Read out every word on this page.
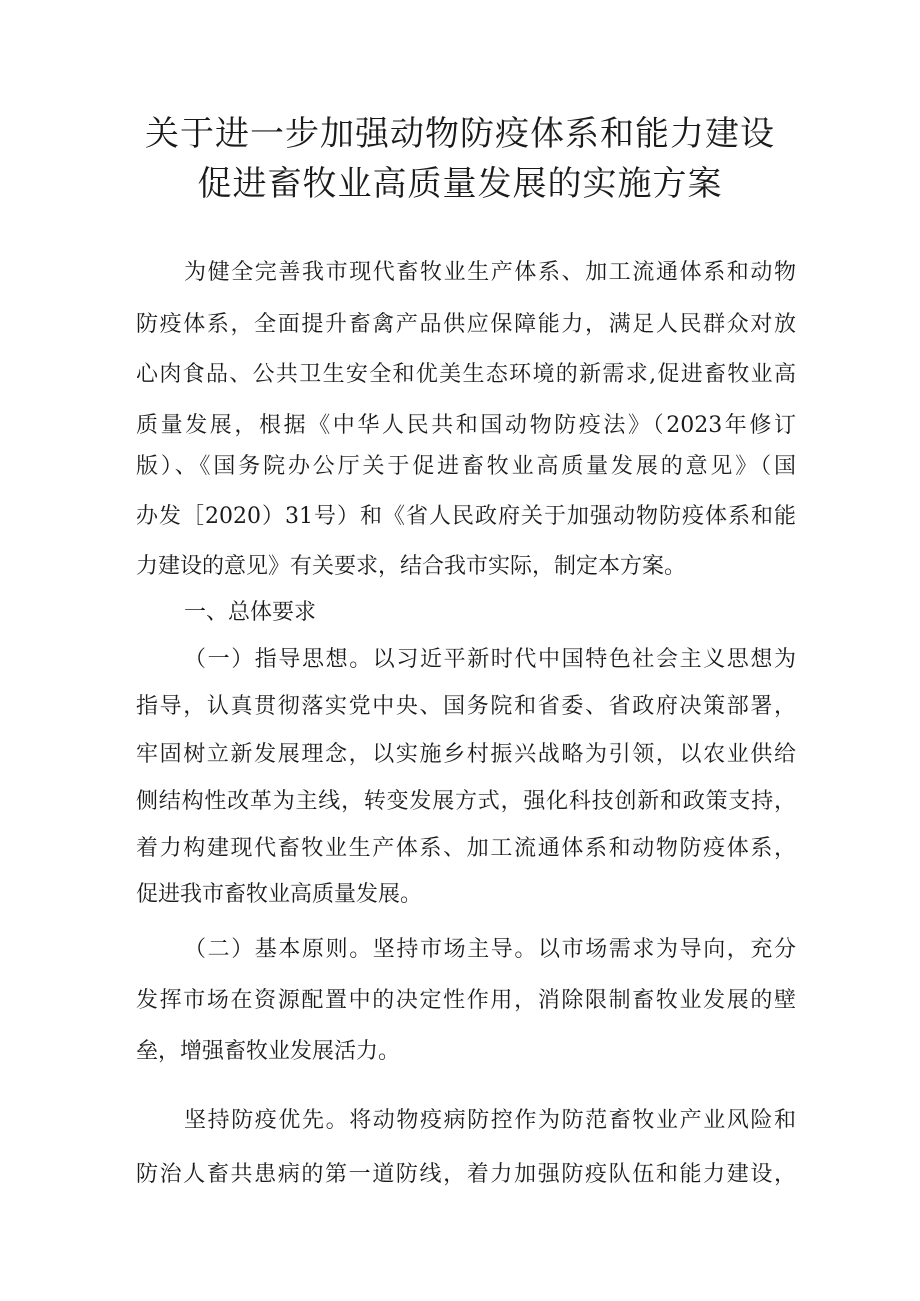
关于进一步加强动物防疫体系和能力建设
促进畜牧业高质量发展的实施方案

为健全完善我市现代畜牧业生产体系、加工流通体系和动物

防疫体系，全面提升畜禽产品供应保障能力，满足人民群众对放

心肉食品、公共卫生安全和优美生态环境的新需求,促进畜牧业高

质量发展，根据《中华人民共和国动物防疫法》（2023年修订

版）、《国务院办公厅关于促进畜牧业高质量发展的意见》（国

办发［2020）31号）和《省人民政府关于加强动物防疫体系和能

力建设的意见》有关要求，结合我市实际，制定本方案。

一、总体要求

（一）指导思想。以习近平新时代中国特色社会主义思想为

指导，认真贯彻落实党中央、国务院和省委、省政府决策部署，

牢固树立新发展理念，以实施乡村振兴战略为引领，以农业供给

侧结构性改革为主线，转变发展方式，强化科技创新和政策支持，

着力构建现代畜牧业生产体系、加工流通体系和动物防疫体系，

促进我市畜牧业高质量发展。

（二）基本原则。坚持市场主导。以市场需求为导向，充分

发挥市场在资源配置中的决定性作用，消除限制畜牧业发展的壁

垒，增强畜牧业发展活力。

坚持防疫优先。将动物疫病防控作为防范畜牧业产业风险和

防治人畜共患病的第一道防线，着力加强防疫队伍和能力建设，
